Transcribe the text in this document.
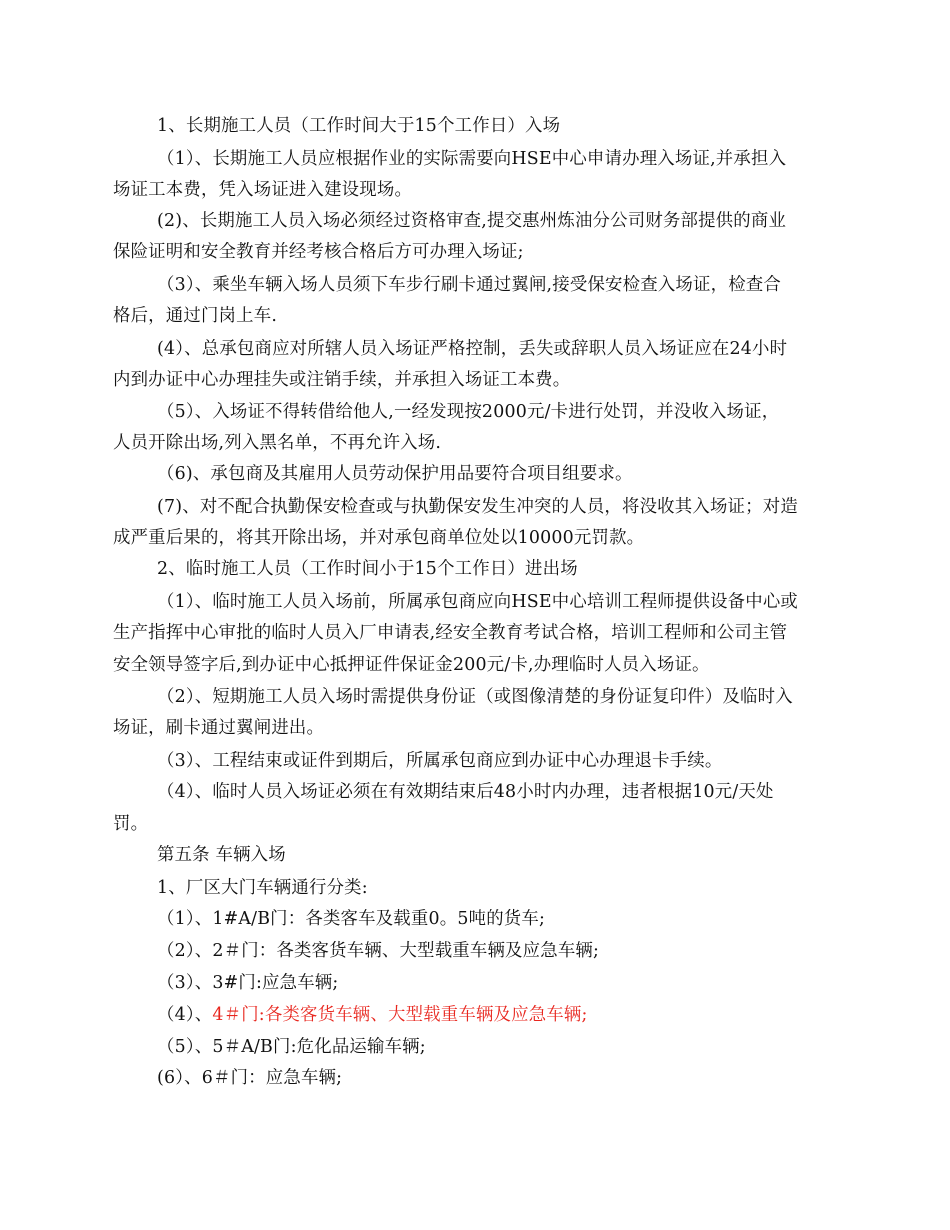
1、长期施工人员（工作时间大于15个工作日）入场
（1）、长期施工人员应根据作业的实际需要向HSE中心申请办理入场证,并承担入
场证工本费，凭入场证进入建设现场。
(2)、长期施工人员入场必须经过资格审查,提交惠州炼油分公司财务部提供的商业
保险证明和安全教育并经考核合格后方可办理入场证;
（3）、乘坐车辆入场人员须下车步行刷卡通过翼闸,接受保安检查入场证，检查合
格后，通过门岗上车.
(4）、总承包商应对所辖人员入场证严格控制，丢失或辞职人员入场证应在24小时
内到办证中心办理挂失或注销手续，并承担入场证工本费。
（5）、入场证不得转借给他人,一经发现按2000元/卡进行处罚，并没收入场证，
人员开除出场,列入黑名单，不再允许入场.
（6)、承包商及其雇用人员劳动保护用品要符合项目组要求。
(7)、对不配合执勤保安检查或与执勤保安发生冲突的人员，将没收其入场证；对造
成严重后果的，将其开除出场，并对承包商单位处以10000元罚款。
2、临时施工人员（工作时间小于15个工作日）进出场
（1）、临时施工人员入场前，所属承包商应向HSE中心培训工程师提供设备中心或
生产指挥中心审批的临时人员入厂申请表,经安全教育考试合格，培训工程师和公司主管
安全领导签字后,到办证中心抵押证件保证金200元/卡,办理临时人员入场证。
（2）、短期施工人员入场时需提供身份证（或图像清楚的身份证复印件）及临时入
场证，刷卡通过翼闸进出。
（3）、工程结束或证件到期后，所属承包商应到办证中心办理退卡手续。
（4）、临时人员入场证必须在有效期结束后48小时内办理，违者根据10元/天处
罚。
第五条 车辆入场
1、厂区大门车辆通行分类:
（1）、1#A/B门：各类客车及载重0。5吨的货车;
（2）、2＃门：各类客货车辆、大型载重车辆及应急车辆;
（3）、3#门:应急车辆;
（4）、4＃门:各类客货车辆、大型载重车辆及应急车辆;
（5）、5＃A/B门:危化品运输车辆;
(6）、6＃门：应急车辆;
